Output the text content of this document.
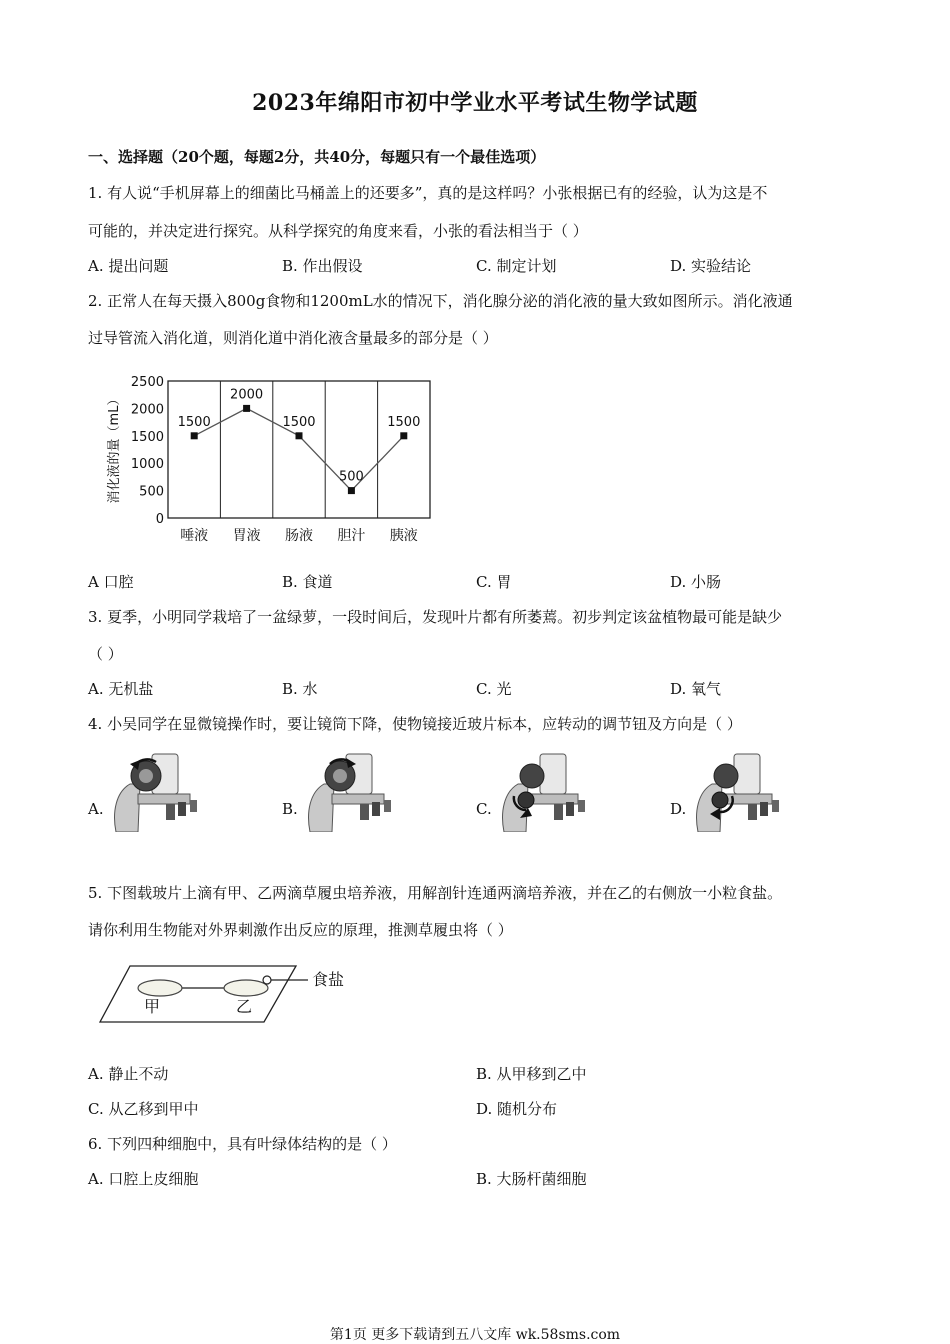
2023年绵阳市初中学业水平考试生物学试题
一、选择题（20个题，每题2分，共40分，每题只有一个最佳选项）
1. 有人说“手机屏幕上的细菌比马桶盖上的还要多”，真的是这样吗？小张根据已有的经验，认为这是不
可能的，并决定进行探究。从科学探究的角度来看，小张的看法相当于（ ）
A. 提出问题	B. 作出假设	C. 制定计划	D. 实验结论
2. 正常人在每天摄入800g食物和1200mL水的情况下，消化腺分泌的消化液的量大致如图所示。消化液通
过导管流入消化道，则消化道中消化液含量最多的部分是（ ）
2500
2000
1500
1000
500
0
1500
2000
1500
500
1500
唾液 胃液 肠液 胆汁 胰液
消化液的量（mL）
A 口腔	B. 食道	C. 胃	D. 小肠
3. 夏季，小明同学栽培了一盆绿萝，一段时间后，发现叶片都有所萎蔫。初步判定该盆植物最可能是缺少
（ ）
A. 无机盐	B. 水	C. 光	D. 氧气
4. 小吴同学在显微镜操作时，要让镜筒下降，使物镜接近玻片标本，应转动的调节钮及方向是（ ）
A.	B.	C.	D.
5. 下图载玻片上滴有甲、乙两滴草履虫培养液，用解剖针连通两滴培养液，并在乙的右侧放一小粒食盐。
请你利用生物能对外界刺激作出反应的原理，推测草履虫将（ ）
食盐
甲	乙
A. 静止不动	B. 从甲移到乙中
C. 从乙移到甲中	D. 随机分布
6. 下列四种细胞中，具有叶绿体结构的是（ ）
A. 口腔上皮细胞	B. 大肠杆菌细胞
第1页 更多下载请到五八文库 wk.58sms.com
